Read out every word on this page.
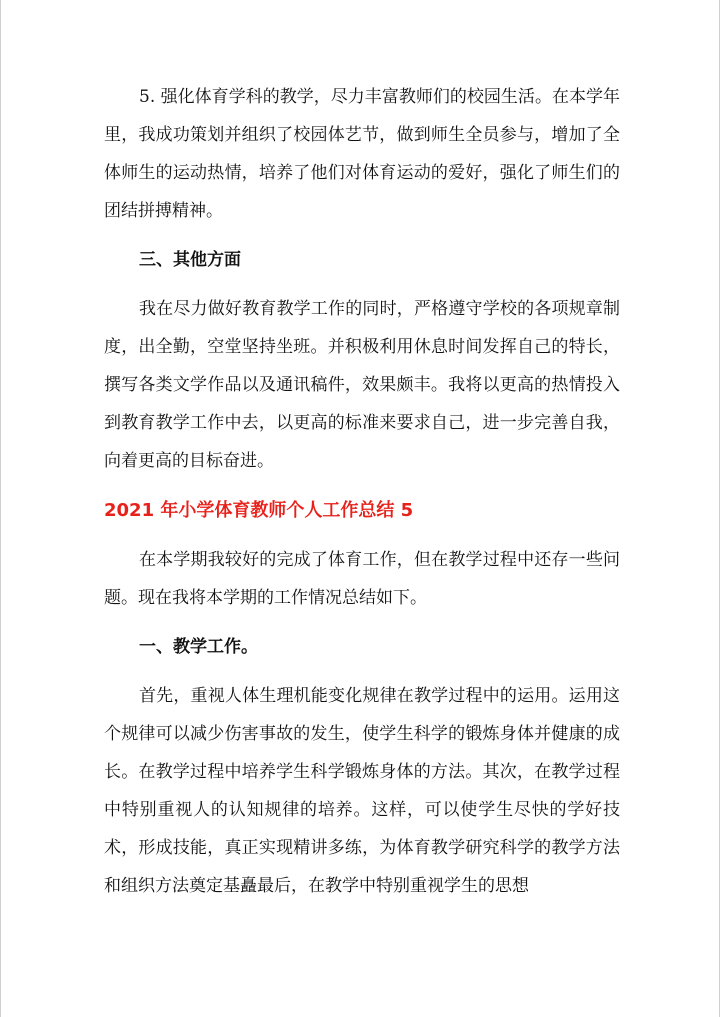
5. 强化体育学科的教学，尽力丰富教师们的校园生活。在本学年里，我成功策划并组织了校园体艺节，做到师生全员参与，增加了全体师生的运动热情，培养了他们对体育运动的爱好，强化了师生们的团结拼搏精神。

三、其他方面

我在尽力做好教育教学工作的同时，严格遵守学校的各项规章制度，出全勤，空堂坚持坐班。并积极利用休息时间发挥自己的特长，撰写各类文学作品以及通讯稿件，效果颇丰。我将以更高的热情投入到教育教学工作中去，以更高的标准来要求自己，进一步完善自我，向着更高的目标奋进。

2021 年小学体育教师个人工作总结 5

在本学期我较好的完成了体育工作，但在教学过程中还存一些问题。现在我将本学期的工作情况总结如下。

一、教学工作。

首先，重视人体生理机能变化规律在教学过程中的运用。运用这个规律可以减少伤害事故的发生，使学生科学的锻炼身体并健康的成长。在教学过程中培养学生科学锻炼身体的方法。其次，在教学过程中特别重视人的认知规律的培养。这样，可以使学生尽快的学好技术，形成技能，真正实现精讲多练，为体育教学研究科学的教学方法和组织方法奠定基矗最后，在教学中特别重视学生的思想
